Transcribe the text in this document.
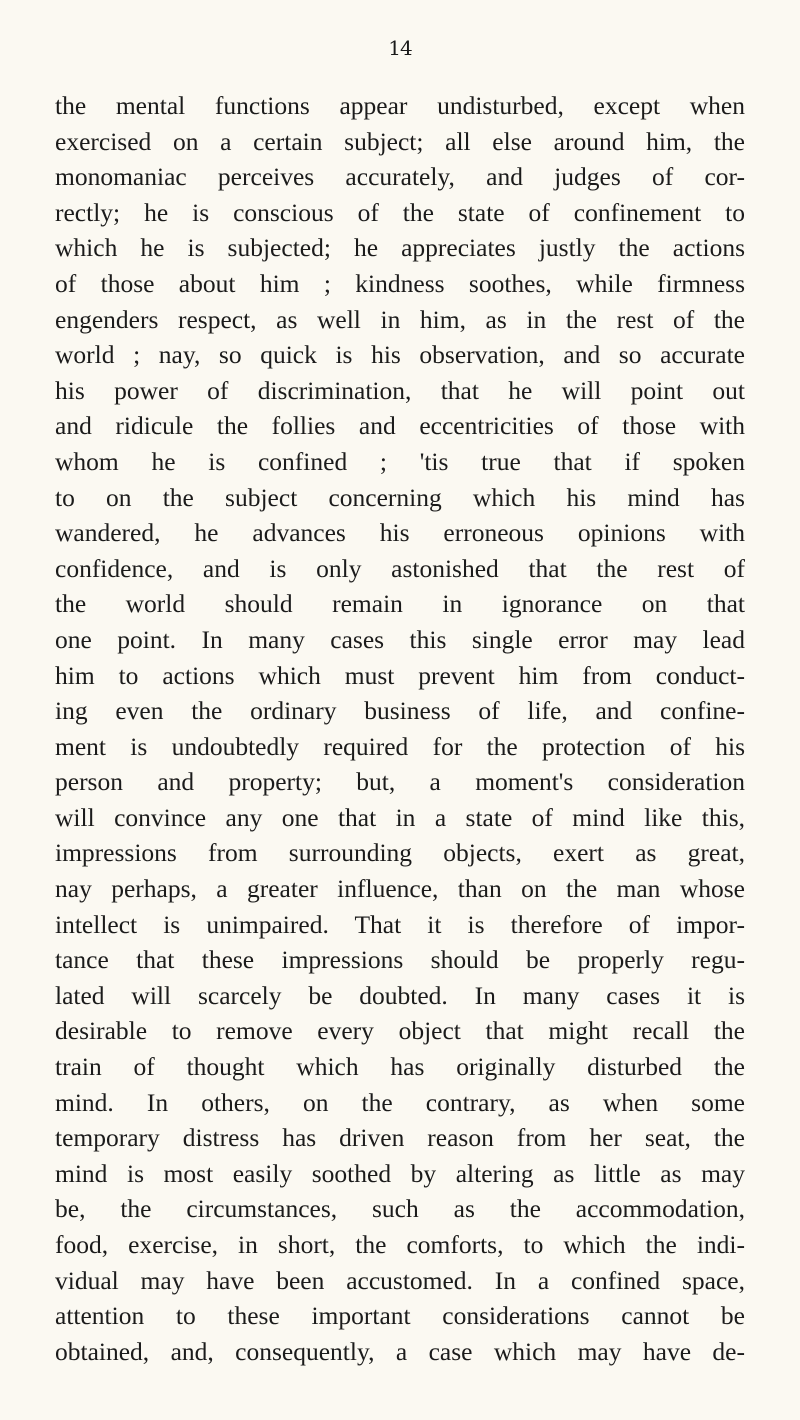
14
the mental functions appear undisturbed, except when
exercised on a certain subject; all else around him, the
monomaniac perceives accurately, and judges of cor-
rectly; he is conscious of the state of confinement to
which he is subjected; he appreciates justly the actions
of those about him ; kindness soothes, while firmness
engenders respect, as well in him, as in the rest of the
world ; nay, so quick is his observation, and so accurate
his power of discrimination, that he will point out
and ridicule the follies and eccentricities of those with
whom he is confined ; 'tis true that if spoken
to on the subject concerning which his mind has
wandered, he advances his erroneous opinions with
confidence, and is only astonished that the rest of
the world should remain in ignorance on that
one point. In many cases this single error may lead
him to actions which must prevent him from conduct-
ing even the ordinary business of life, and confine-
ment is undoubtedly required for the protection of his
person and property; but, a moment's consideration
will convince any one that in a state of mind like this,
impressions from surrounding objects, exert as great,
nay perhaps, a greater influence, than on the man whose
intellect is unimpaired. That it is therefore of impor-
tance that these impressions should be properly regu-
lated will scarcely be doubted. In many cases it is
desirable to remove every object that might recall the
train of thought which has originally disturbed the
mind. In others, on the contrary, as when some
temporary distress has driven reason from her seat, the
mind is most easily soothed by altering as little as may
be, the circumstances, such as the accommodation,
food, exercise, in short, the comforts, to which the indi-
vidual may have been accustomed. In a confined space,
attention to these important considerations cannot be
obtained, and, consequently, a case which may have de-
